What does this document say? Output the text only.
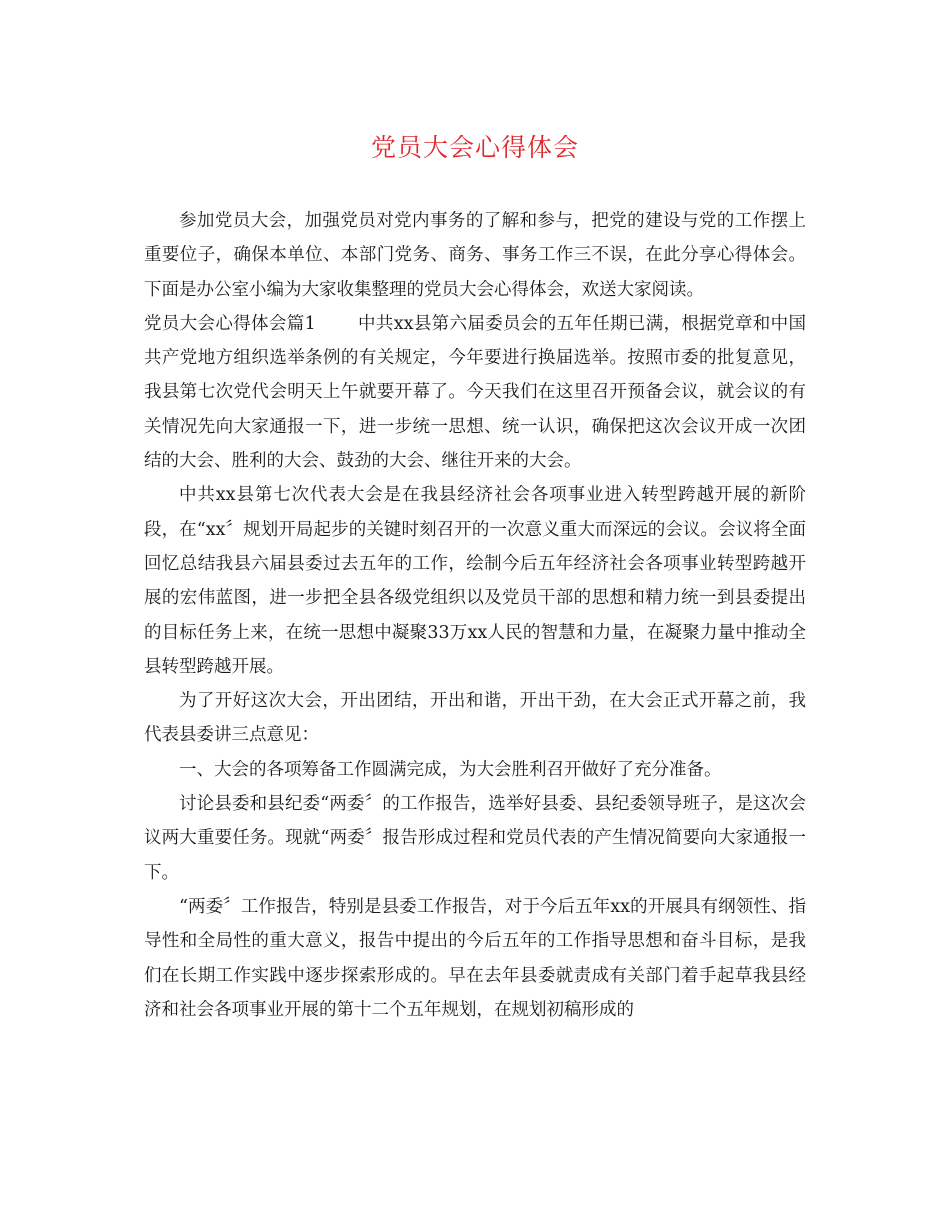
党员大会心得体会

参加党员大会，加强党员对党内事务的了解和参与，把党的建设与党的工作摆上重要位子，确保本单位、本部门党务、商务、事务工作三不误，在此分享心得体会。下面是办公室小编为大家收集整理的党员大会心得体会，欢送大家阅读。

党员大会心得体会篇1 中共xx县第六届委员会的五年任期已满，根据党章和中国共产党地方组织选举条例的有关规定，今年要进行换届选举。按照市委的批复意见，我县第七次党代会明天上午就要开幕了。今天我们在这里召开预备会议，就会议的有关情况先向大家通报一下，进一步统一思想、统一认识，确保把这次会议开成一次团结的大会、胜利的大会、鼓劲的大会、继往开来的大会。

中共xx县第七次代表大会是在我县经济社会各项事业进入转型跨越开展的新阶段，在“xx〞规划开局起步的关键时刻召开的一次意义重大而深远的会议。会议将全面回忆总结我县六届县委过去五年的工作，绘制今后五年经济社会各项事业转型跨越开展的宏伟蓝图，进一步把全县各级党组织以及党员干部的思想和精力统一到县委提出的目标任务上来，在统一思想中凝聚33万xx人民的智慧和力量，在凝聚力量中推动全县转型跨越开展。

为了开好这次大会，开出团结，开出和谐，开出干劲，在大会正式开幕之前，我代表县委讲三点意见：

一、大会的各项筹备工作圆满完成，为大会胜利召开做好了充分准备。

讨论县委和县纪委“两委〞的工作报告，选举好县委、县纪委领导班子，是这次会议两大重要任务。现就“两委〞报告形成过程和党员代表的产生情况简要向大家通报一下。

“两委〞工作报告，特别是县委工作报告，对于今后五年xx的开展具有纲领性、指导性和全局性的重大意义，报告中提出的今后五年的工作指导思想和奋斗目标，是我们在长期工作实践中逐步探索形成的。早在去年县委就责成有关部门着手起草我县经济和社会各项事业开展的第十二个五年规划，在规划初稿形成的
